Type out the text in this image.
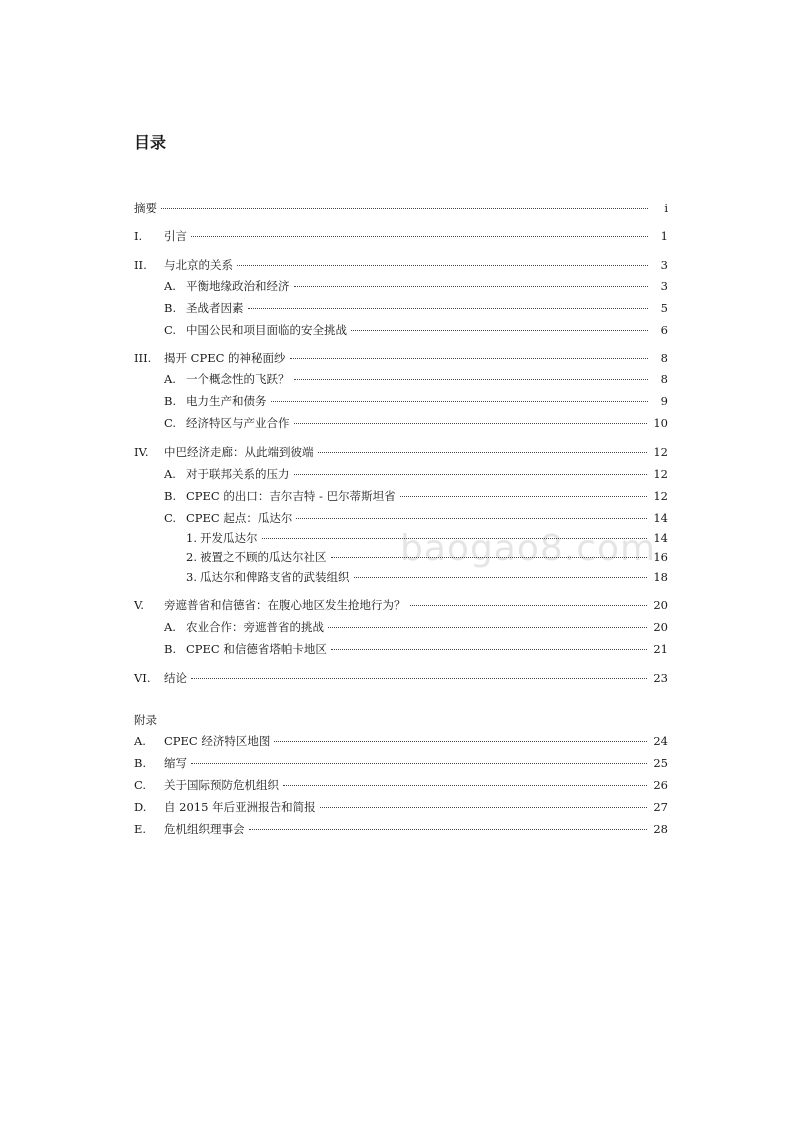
目录
baogao8.com
摘要	i
I.	引言	1
II.	与北京的关系	3
A. 平衡地缘政治和经济	3
B. 圣战者因素	5
C. 中国公民和项目面临的安全挑战	6
III.	揭开 CPEC 的神秘面纱	8
A. 一个概念性的飞跃？	8
B. 电力生产和债务	9
C. 经济特区与产业合作	10
IV.	中巴经济走廊：从此端到彼端	12
A. 对于联邦关系的压力	12
B. CPEC 的出口：吉尔吉特 - 巴尔蒂斯坦省	12
C. CPEC 起点：瓜达尔	14
1. 开发瓜达尔	14
2. 被置之不顾的瓜达尔社区	16
3. 瓜达尔和俾路支省的武装组织	18
V.	旁遮普省和信德省：在腹心地区发生抢地行为？	20
A. 农业合作：旁遮普省的挑战	20
B. CPEC 和信德省塔帕卡地区	21
VI.	结论	23
附录
A.	CPEC 经济特区地图	24
B.	缩写	25
C.	关于国际预防危机组织	26
D.	自 2015 年后亚洲报告和简报	27
E.	危机组织理事会	28
